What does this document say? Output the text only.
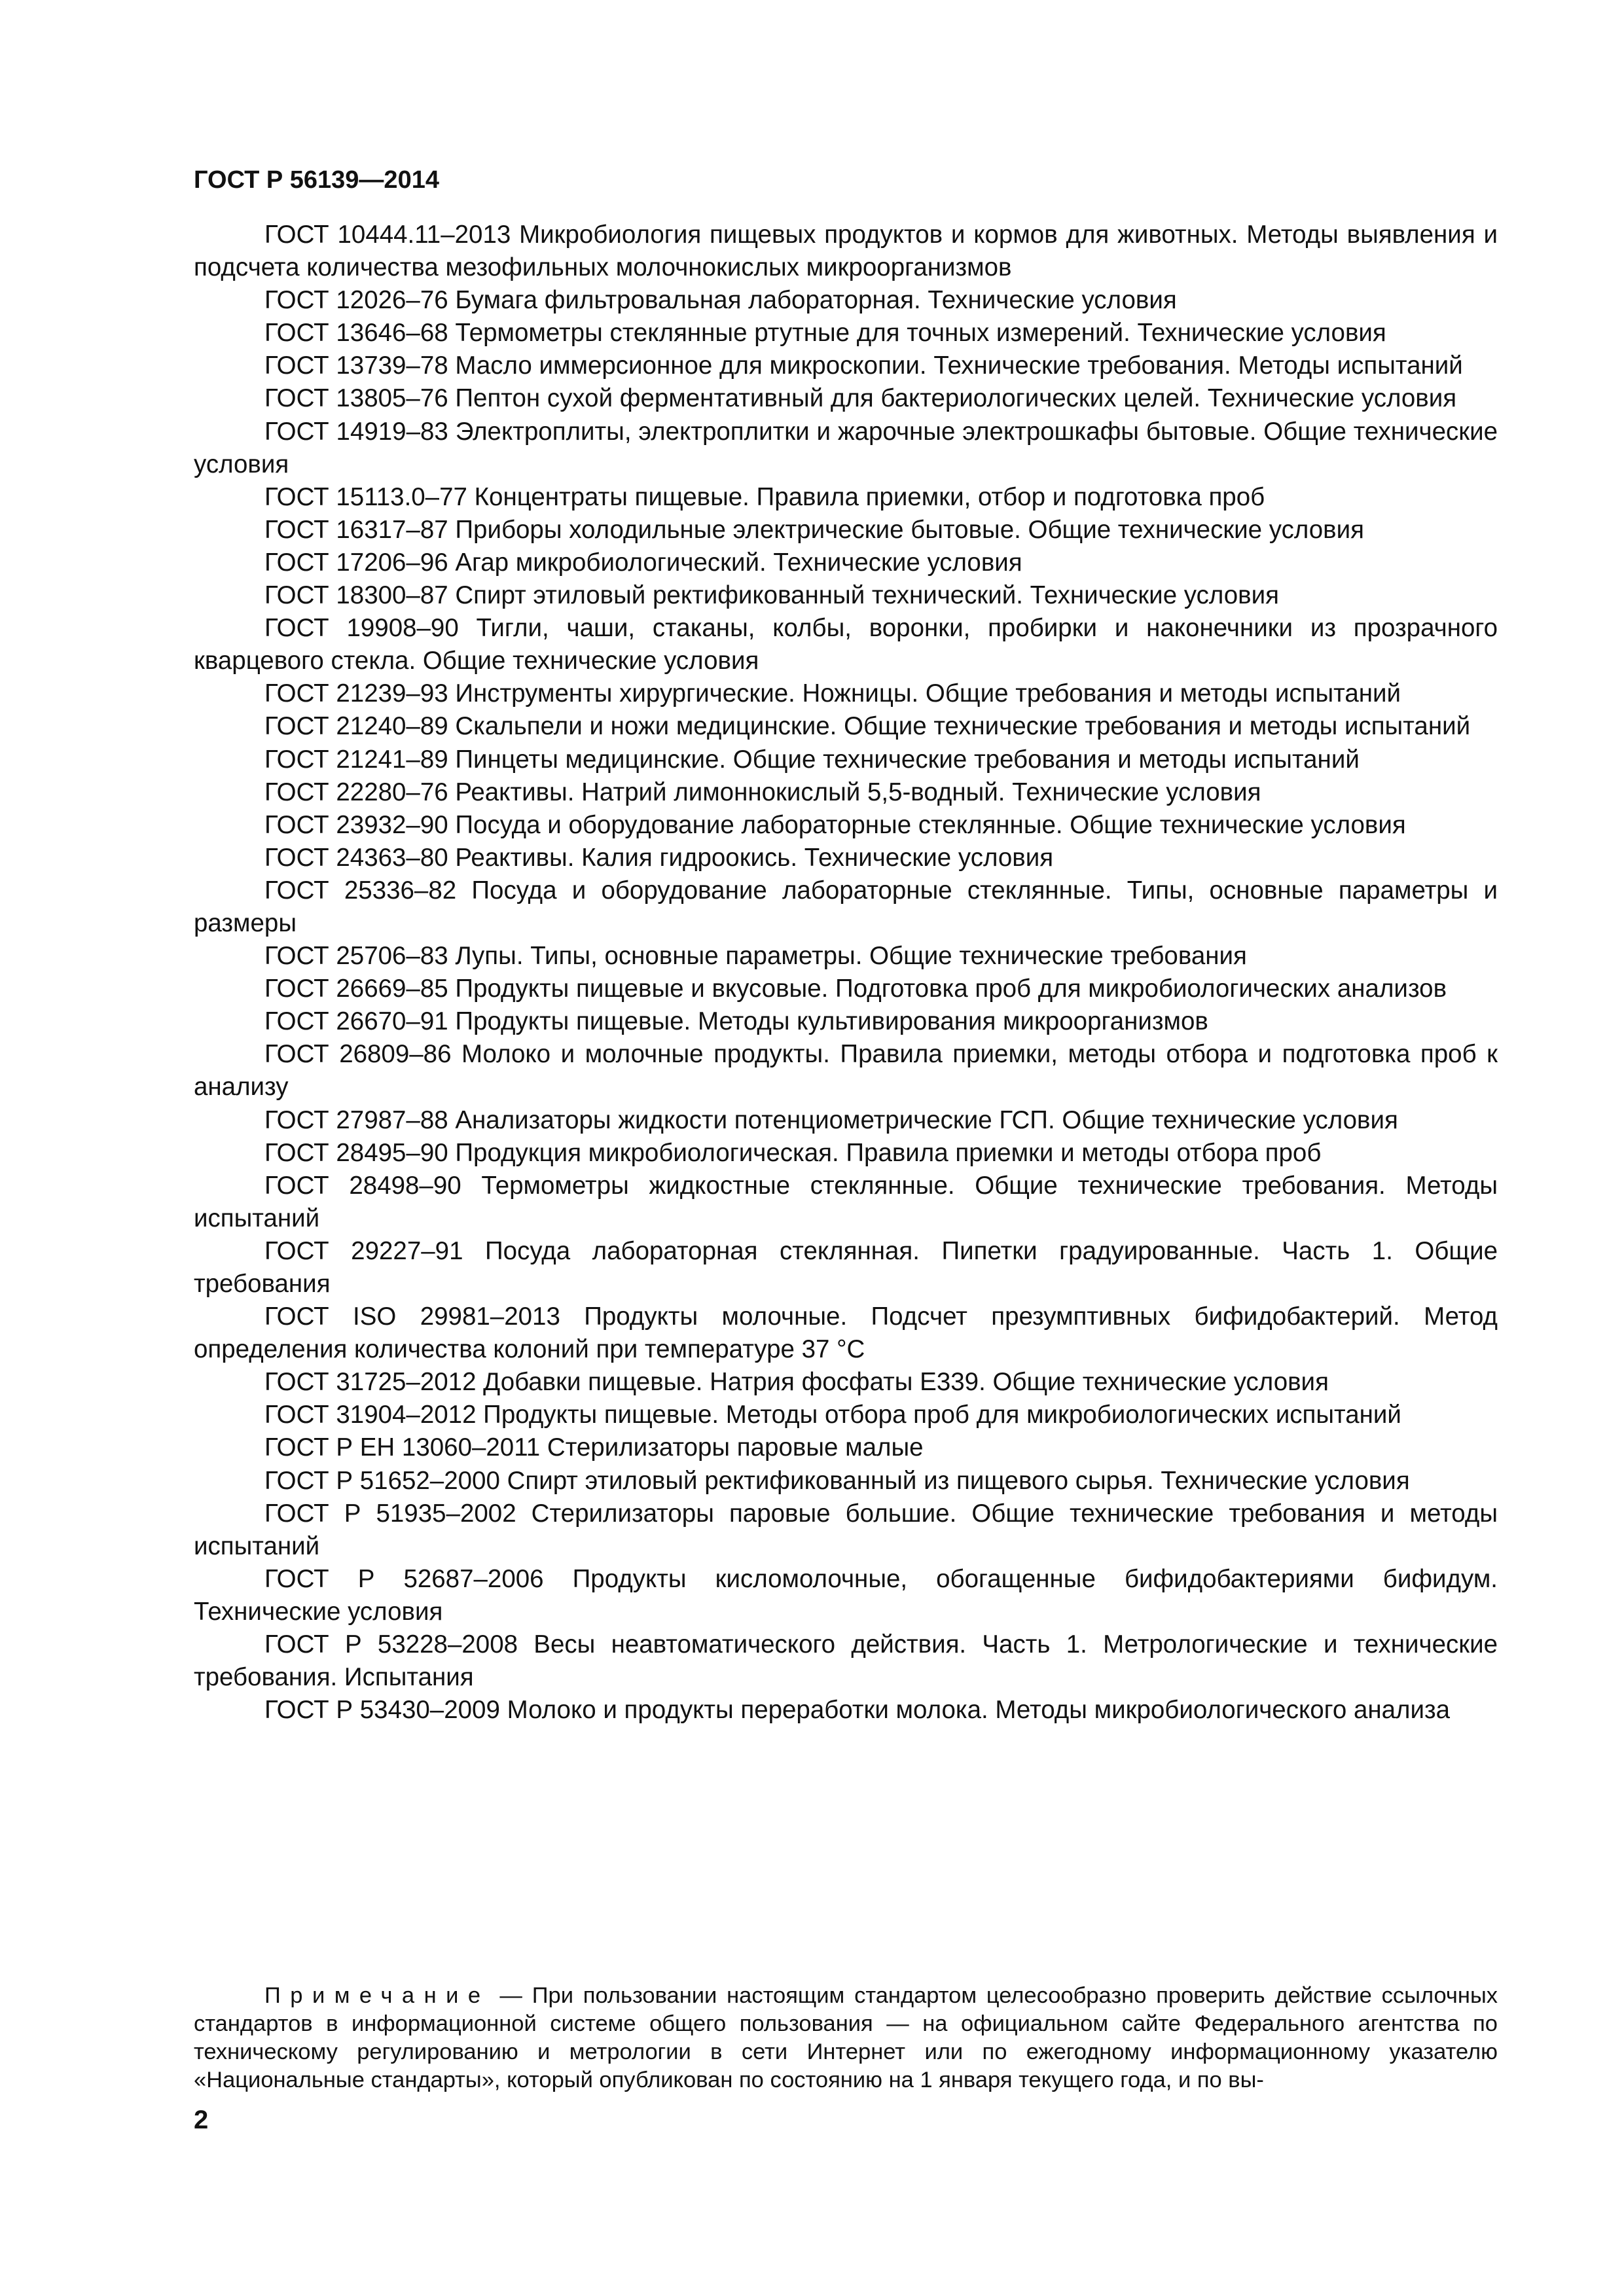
ГОСТ Р 56139—2014

ГОСТ 10444.11–2013 Микробиология пищевых продуктов и кормов для животных. Методы выявления и подсчета количества мезофильных молочнокислых микроорганизмов

ГОСТ 12026–76 Бумага фильтровальная лабораторная. Технические условия

ГОСТ 13646–68 Термометры стеклянные ртутные для точных измерений. Технические условия

ГОСТ 13739–78 Масло иммерсионное для микроскопии. Технические требования. Методы испытаний

ГОСТ 13805–76 Пептон сухой ферментативный для бактериологических целей. Технические условия

ГОСТ 14919–83 Электроплиты, электроплитки и жарочные электрошкафы бытовые. Общие технические условия

ГОСТ 15113.0–77 Концентраты пищевые. Правила приемки, отбор и подготовка проб

ГОСТ 16317–87 Приборы холодильные электрические бытовые. Общие технические условия

ГОСТ 17206–96 Агар микробиологический. Технические условия

ГОСТ 18300–87 Спирт этиловый ректификованный технический. Технические условия

ГОСТ 19908–90 Тигли, чаши, стаканы, колбы, воронки, пробирки и наконечники из прозрачного кварцевого стекла. Общие технические условия

ГОСТ 21239–93 Инструменты хирургические. Ножницы. Общие требования и методы испытаний

ГОСТ 21240–89 Скальпели и ножи медицинские. Общие технические требования и методы испытаний

ГОСТ 21241–89 Пинцеты медицинские. Общие технические требования и методы испытаний

ГОСТ 22280–76 Реактивы. Натрий лимоннокислый 5,5-водный. Технические условия

ГОСТ 23932–90 Посуда и оборудование лабораторные стеклянные. Общие технические условия

ГОСТ 24363–80 Реактивы. Калия гидроокись. Технические условия

ГОСТ 25336–82 Посуда и оборудование лабораторные стеклянные. Типы, основные параметры и размеры

ГОСТ 25706–83 Лупы. Типы, основные параметры. Общие технические требования

ГОСТ 26669–85 Продукты пищевые и вкусовые. Подготовка проб для микробиологических анализов

ГОСТ 26670–91 Продукты пищевые. Методы культивирования микроорганизмов

ГОСТ 26809–86 Молоко и молочные продукты. Правила приемки, методы отбора и подготовка проб к анализу

ГОСТ 27987–88 Анализаторы жидкости потенциометрические ГСП. Общие технические условия

ГОСТ 28495–90 Продукция микробиологическая. Правила приемки и методы отбора проб

ГОСТ 28498–90 Термометры жидкостные стеклянные. Общие технические требования. Методы испытаний

ГОСТ 29227–91 Посуда лабораторная стеклянная. Пипетки градуированные. Часть 1. Общие требования

ГОСТ ISO 29981–2013 Продукты молочные. Подсчет презумптивных бифидобактерий. Метод определения количества колоний при температуре 37 °С

ГОСТ 31725–2012 Добавки пищевые. Натрия фосфаты Е339. Общие технические условия

ГОСТ 31904–2012 Продукты пищевые. Методы отбора проб для микробиологических испытаний

ГОСТ Р ЕН 13060–2011 Стерилизаторы паровые малые

ГОСТ Р 51652–2000 Спирт этиловый ректификованный из пищевого сырья. Технические условия

ГОСТ Р 51935–2002 Стерилизаторы паровые большие. Общие технические требования и методы испытаний

ГОСТ Р 52687–2006 Продукты кисломолочные, обогащенные бифидобактериями бифидум. Технические условия

ГОСТ Р 53228–2008 Весы неавтоматического действия. Часть 1. Метрологические и технические требования. Испытания

ГОСТ Р 53430–2009 Молоко и продукты переработки молока. Методы микробиологического анализа

Примечание — При пользовании настоящим стандартом целесообразно проверить действие ссылочных стандартов в информационной системе общего пользования — на официальном сайте Федерального агентства по техническому регулированию и метрологии в сети Интернет или по ежегодному информационному указателю «Национальные стандарты», который опубликован по состоянию на 1 января текущего года, и по вы-
2
